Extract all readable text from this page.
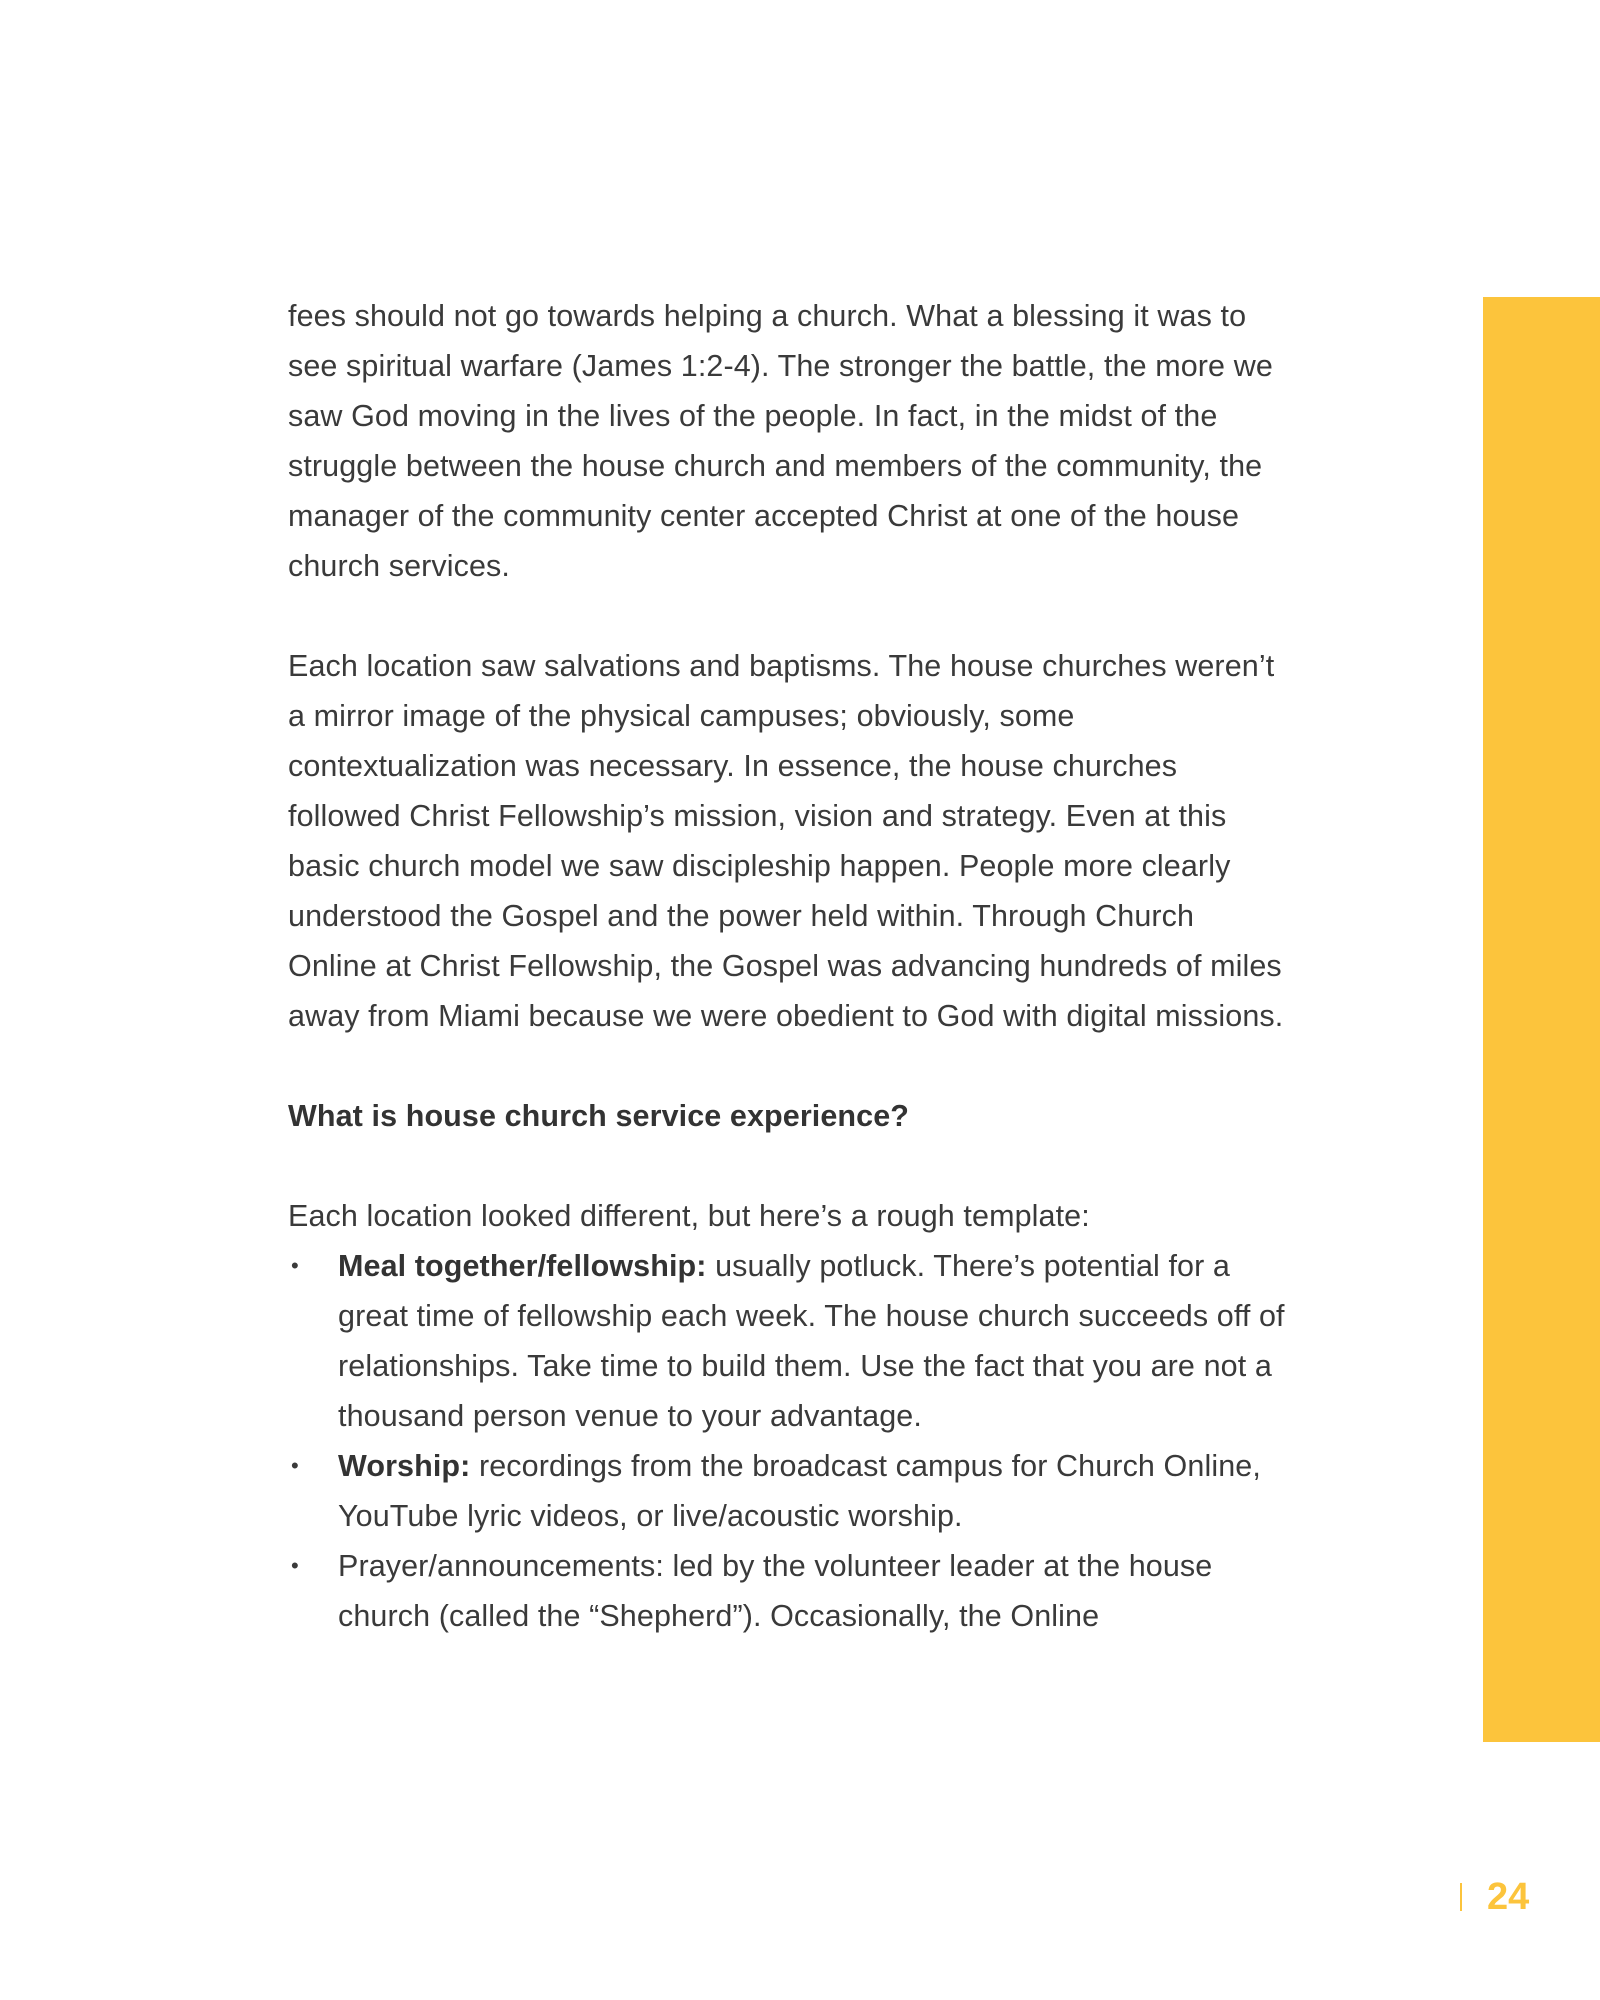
fees should not go towards helping a church. What a blessing it was to see spiritual warfare (James 1:2-4). The stronger the battle, the more we saw God moving in the lives of the people. In fact, in the midst of the struggle between the house church and members of the community, the manager of the community center accepted Christ at one of the house church services.

Each location saw salvations and baptisms. The house churches weren’t a mirror image of the physical campuses; obviously, some contextualization was necessary. In essence, the house churches followed Christ Fellowship’s mission, vision and strategy. Even at this basic church model we saw discipleship happen. People more clearly understood the Gospel and the power held within. Through Church Online at Christ Fellowship, the Gospel was advancing hundreds of miles away from Miami because we were obedient to God with digital missions.

What is house church service experience?

Each location looked different, but here’s a rough template:

• Meal together/fellowship: usually potluck. There’s potential for a great time of fellowship each week. The house church succeeds off of relationships. Take time to build them. Use the fact that you are not a thousand person venue to your advantage.
• Worship: recordings from the broadcast campus for Church Online, YouTube lyric videos, or live/acoustic worship.
• Prayer/announcements: led by the volunteer leader at the house church (called the “Shepherd”). Occasionally, the Online
24
